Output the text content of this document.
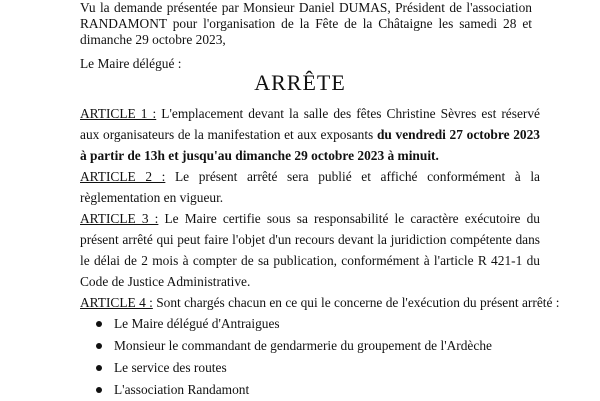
Vu la demande présentée par Monsieur Daniel DUMAS, Président de l'association RANDAMONT pour l'organisation de la Fête de la Châtaigne les samedi 28 et dimanche 29 octobre 2023,

Le Maire délégué :

ARRÊTE

ARTICLE 1 : L'emplacement devant la salle des fêtes Christine Sèvres est réservé aux organisateurs de la manifestation et aux exposants du vendredi 27 octobre 2023 à partir de 13h et jusqu'au dimanche 29 octobre 2023 à minuit.

ARTICLE 2 : Le présent arrêté sera publié et affiché conformément à la règlementation en vigueur.

ARTICLE 3 : Le Maire certifie sous sa responsabilité le caractère exécutoire du présent arrêté qui peut faire l'objet d'un recours devant la juridiction compétente dans le délai de 2 mois à compter de sa publication, conformément à l'article R 421-1 du Code de Justice Administrative.

ARTICLE 4 : Sont chargés chacun en ce qui le concerne de l'exécution du présent arrêté :

Le Maire délégué d'Antraigues
Monsieur le commandant de gendarmerie du groupement de l'Ardèche
Le service des routes
L'association Randamont
